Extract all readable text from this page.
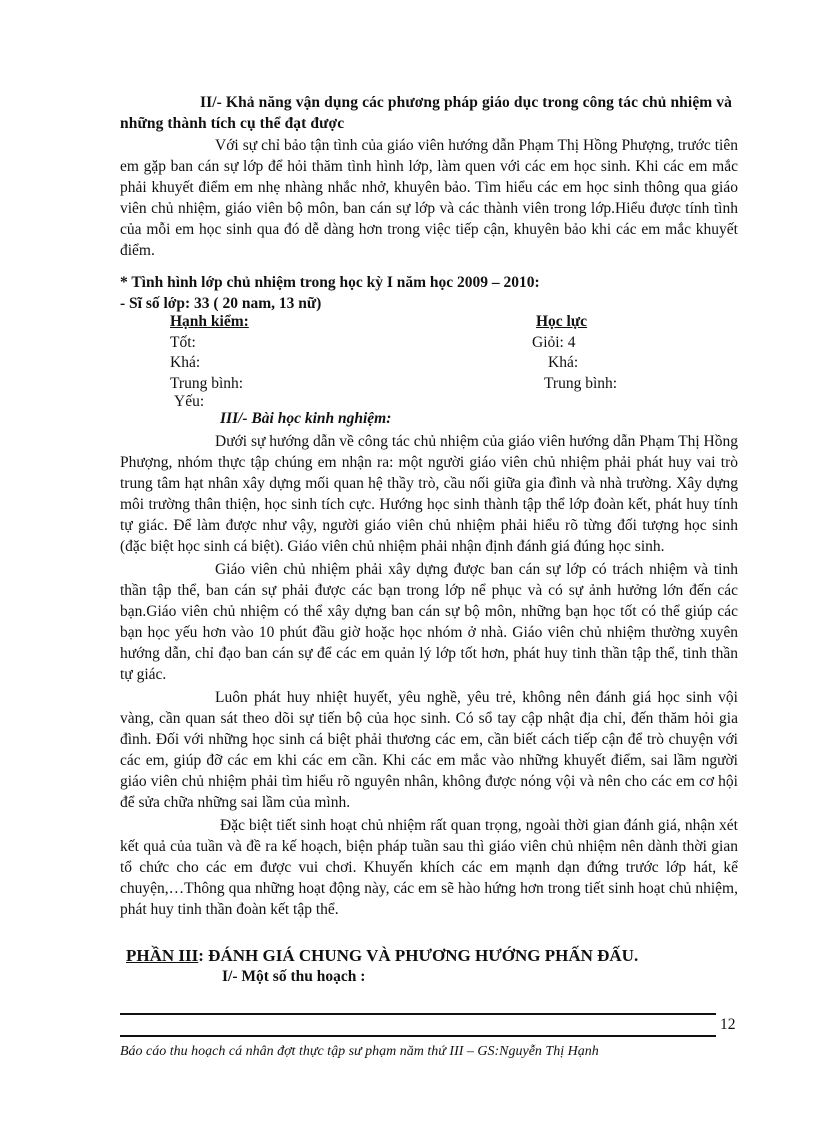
II/- Khả năng vận dụng các phương pháp giáo dục trong công tác chủ nhiệm và những thành tích cụ thể đạt được
Với sự chỉ bảo tận tình của giáo viên hướng dẫn Phạm Thị Hồng Phượng, trước tiên em gặp ban cán sự lớp để hỏi thăm tình hình lớp, làm quen với các em học sinh. Khi các em mắc phải khuyết điểm em nhẹ nhàng nhắc nhở, khuyên bảo. Tìm hiểu các em học sinh thông qua giáo viên chủ nhiệm, giáo viên bộ môn, ban cán sự lớp và các thành viên trong lớp.Hiểu được tính tình của mỗi em học sinh qua đó dễ dàng hơn trong việc tiếp cận, khuyên bảo khi các em mắc khuyết điểm.
* Tình hình lớp chủ nhiệm trong học kỳ I năm học 2009 – 2010:
- Sĩ số lớp: 33 ( 20 nam, 13 nữ)
Hạnh kiểm:
Tốt:
Khá:
Trung bình:
Yếu:
Học lực
Giỏi: 4
Khá:
Trung bình:
III/- Bài học kinh nghiệm:

Dưới sự hướng dẫn về công tác chủ nhiệm của giáo viên hướng dẫn Phạm Thị Hồng Phượng, nhóm thực tập chúng em nhận ra: một người giáo viên chủ nhiệm phải phát huy vai trò trung tâm hạt nhân xây dựng mối quan hệ thầy trò, cầu nối giữa gia đình và nhà trường. Xây dựng môi trường thân thiện, học sinh tích cực. Hướng học sinh thành tập thể lớp đoàn kết, phát huy tính tự giác. Để làm được như vậy, người giáo viên chủ nhiệm phải hiểu rõ từng đối tượng học sinh (đặc biệt học sinh cá biệt). Giáo viên chủ nhiệm phải nhận định đánh giá đúng học sinh.

Giáo viên chủ nhiệm phải xây dựng được ban cán sự lớp có trách nhiệm và tinh thần tập thể, ban cán sự phải được các bạn trong lớp nể phục và có sự ảnh hưởng lớn đến các bạn.Giáo viên chủ nhiệm có thể xây dựng ban cán sự bộ môn, những bạn học tốt có thể giúp các bạn học yếu hơn vào 10 phút đầu giờ hoặc học nhóm ở nhà. Giáo viên chủ nhiệm thường xuyên hướng dẫn, chỉ đạo ban cán sự để các em quản lý lớp tốt hơn, phát huy tinh thần tập thể, tinh thần tự giác.

Luôn phát huy nhiệt huyết, yêu nghề, yêu trẻ, không nên đánh giá học sinh vội vàng, cần quan sát theo dõi sự tiến bộ của học sinh. Có sổ tay cập nhật địa chỉ, đến thăm hỏi gia đình. Đối với những học sinh cá biệt phải thương các em, cần biết cách tiếp cận để trò chuyện với các em, giúp đỡ các em khi các em cần. Khi các em mắc vào những khuyết điểm, sai lầm người giáo viên chủ nhiệm phải tìm hiểu rõ nguyên nhân, không được nóng vội và nên cho các em cơ hội để sửa chữa những sai lầm của mình.

Đặc biệt tiết sinh hoạt chủ nhiệm rất quan trọng, ngoài thời gian đánh giá, nhận xét kết quả của tuần và đề ra kế hoạch, biện pháp tuần sau thì giáo viên chủ nhiệm nên dành thời gian tổ chức cho các em được vui chơi. Khuyến khích các em mạnh dạn đứng trước lớp hát, kể chuyện,…Thông qua những hoạt động này, các em sẽ hào hứng hơn trong tiết sinh hoạt chủ nhiệm, phát huy tinh thần đoàn kết tập thể.

PHẦN III: ĐÁNH GIÁ CHUNG VÀ PHƯƠNG HƯỚNG PHẤN ĐẤU.
I/- Một số thu hoạch :
12
Báo cáo thu hoạch cá nhân đợt thực tập sư phạm năm thứ III – GS:Nguyễn Thị Hạnh
